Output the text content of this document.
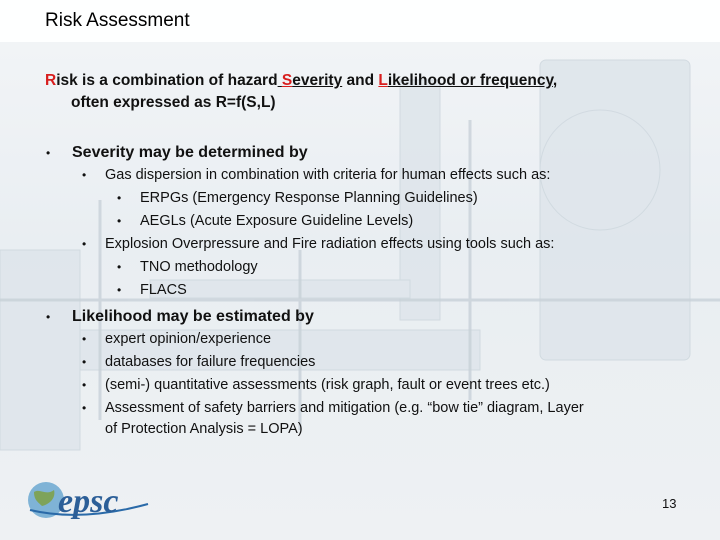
Risk Assessment
Risk is a combination of hazard Severity and Likelihood or frequency,
often expressed as R=f(S,L)
• Severity may be determined by
• Gas dispersion in combination with criteria for human effects such as:
• ERPGs (Emergency Response Planning Guidelines)
• AEGLs (Acute Exposure Guideline Levels)
• Explosion Overpressure and Fire radiation effects using tools such as:
• TNO methodology
• FLACS
• Likelihood may be estimated by
• expert opinion/experience
• databases for failure frequencies
• (semi-) quantitative assessments (risk graph, fault or event trees etc.)
• Assessment of safety barriers and mitigation (e.g. “bow tie” diagram, Layer
of Protection Analysis = LOPA)
epsc	13
